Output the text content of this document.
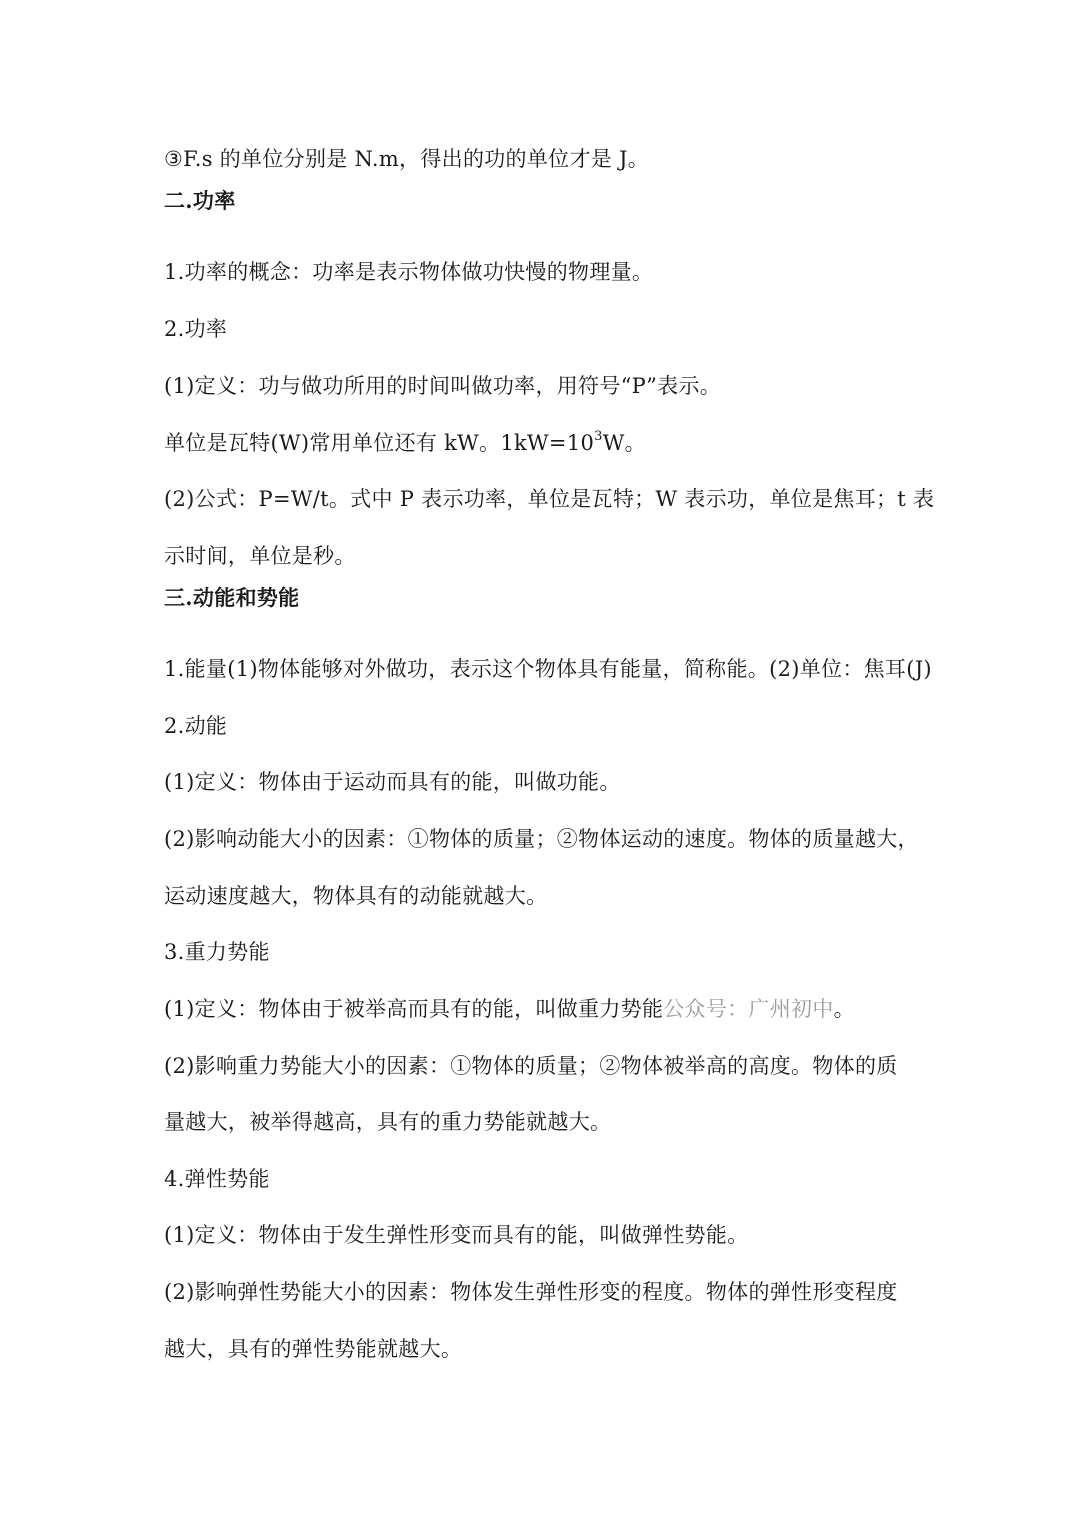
③F.s 的单位分别是 N.m，得出的功的单位才是 J。
二.功率
1.功率的概念：功率是表示物体做功快慢的物理量。
2.功率
(1)定义：功与做功所用的时间叫做功率，用符号“P”表示。
单位是瓦特(W)常用单位还有 kW。$1kW=10^3W$。
(2)公式：P=W/t。式中 P 表示功率，单位是瓦特；W 表示功，单位是焦耳；t 表
示时间，单位是秒。
三.动能和势能
1.能量(1)物体能够对外做功，表示这个物体具有能量，简称能。(2)单位：焦耳(J)
2.动能
(1)定义：物体由于运动而具有的能，叫做功能。
(2)影响动能大小的因素：①物体的质量；②物体运动的速度。物体的质量越大，
运动速度越大，物体具有的动能就越大。
3.重力势能
(1)定义：物体由于被举高而具有的能，叫做重力势能公众号：广州初中。
(2)影响重力势能大小的因素：①物体的质量；②物体被举高的高度。物体的质
量越大，被举得越高，具有的重力势能就越大。
4.弹性势能
(1)定义：物体由于发生弹性形变而具有的能，叫做弹性势能。
(2)影响弹性势能大小的因素：物体发生弹性形变的程度。物体的弹性形变程度
越大，具有的弹性势能就越大。
